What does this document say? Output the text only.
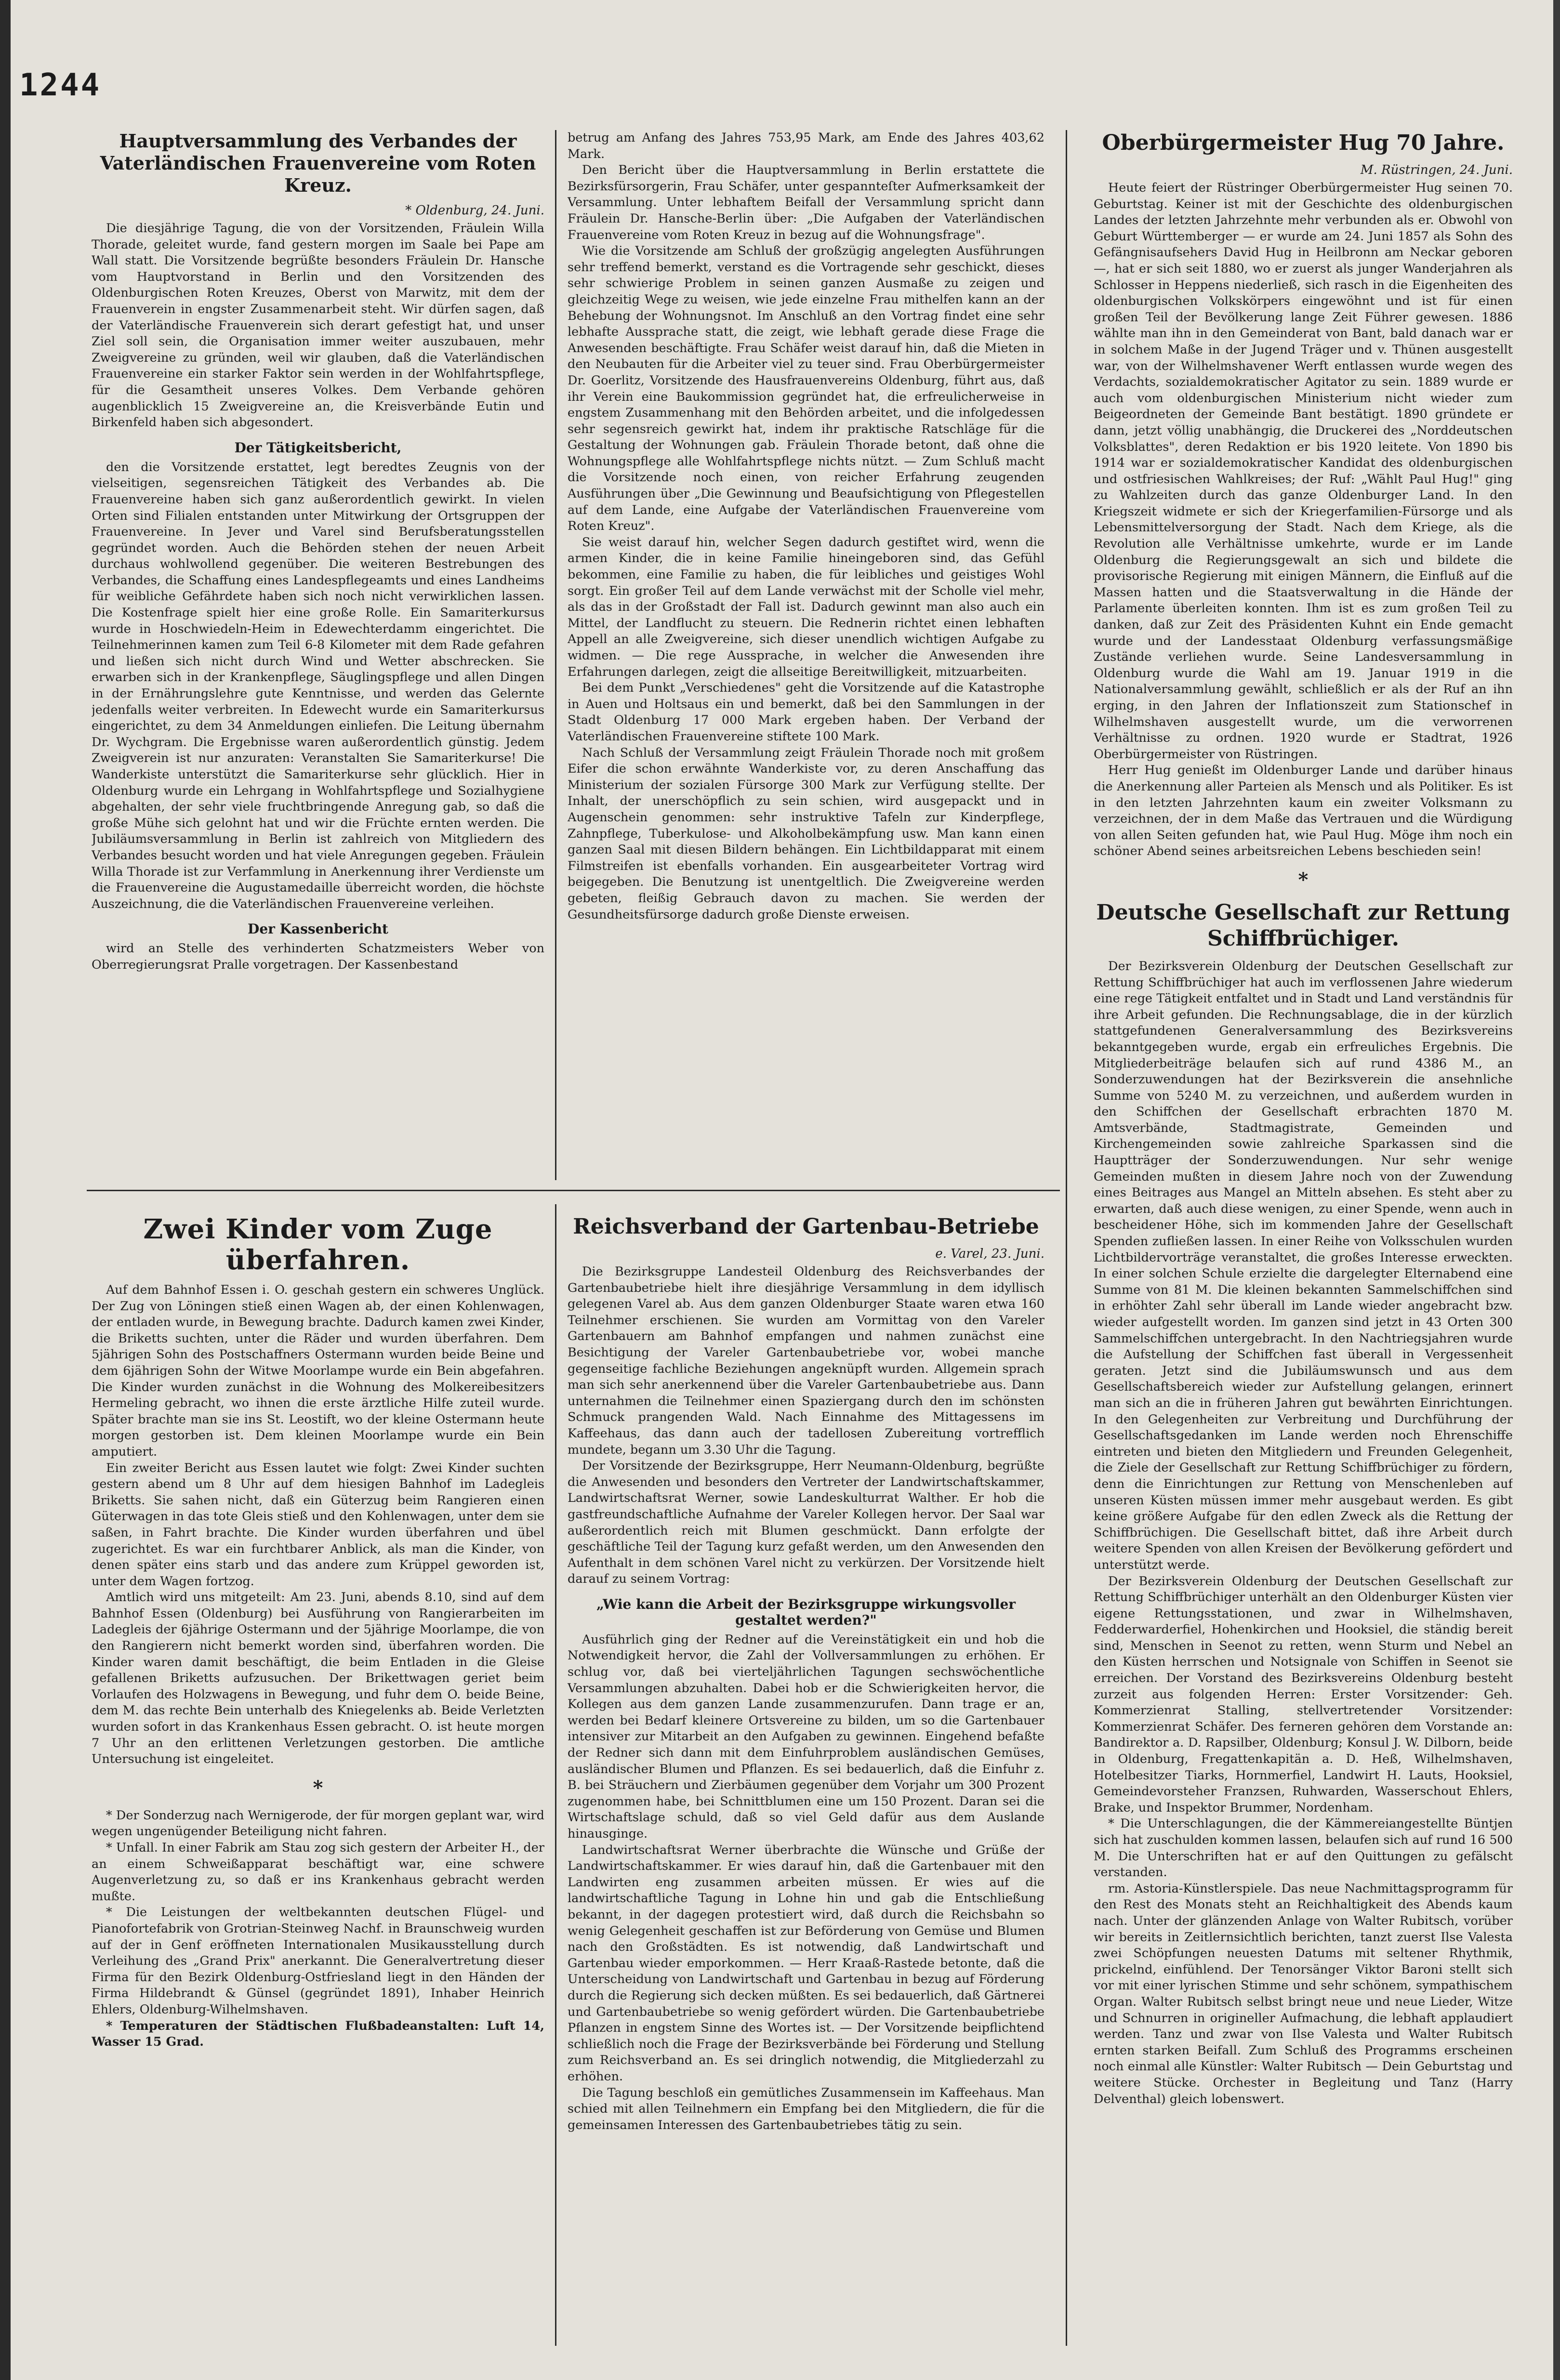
1244
Hauptversammlung des Verbandes der Vaterländischen Frauenvereine vom Roten Kreuz.

* Oldenburg, 24. Juni.

Die diesjährige Tagung, die von der Vorsitzenden, Fräulein Willa Thorade, geleitet wurde, fand gestern morgen im Saale bei Pape am Wall statt. Die Vorsitzende begrüßte besonders Fräulein Dr. Hansche vom Hauptvorstand in Berlin und den Vorsitzenden des Oldenburgischen Roten Kreuzes, Oberst von Marwitz, mit dem der Frauenverein in engster Zusammenarbeit steht. Wir dürfen sagen, daß der Vaterländische Frauenverein sich derart gefestigt hat, und unser Ziel soll sein, die Organisation immer weiter auszubauen, mehr Zweigvereine zu gründen, weil wir glauben, daß die Vaterländischen Frauenvereine ein starker Faktor sein werden in der Wohlfahrtspflege, für die Gesamtheit unseres Volkes. Dem Verbande gehören augenblicklich 15 Zweigvereine an, die Kreisverbände Eutin und Birkenfeld haben sich abgesondert.

Der Tätigkeitsbericht,

den die Vorsitzende erstattet, legt beredtes Zeugnis von der vielseitigen, segensreichen Tätigkeit des Verbandes ab. Die Frauenvereine haben sich ganz außerordentlich gewirkt. In vielen Orten sind Filialen entstanden unter Mitwirkung der Ortsgruppen der Frauenvereine. In Jever und Varel sind Berufsberatungsstellen gegründet worden. Auch die Behörden stehen der neuen Arbeit durchaus wohlwollend gegenüber. Die weiteren Bestrebungen des Verbandes, die Schaffung eines Landespflegeamts und eines Landheims für weibliche Gefährdete haben sich noch nicht verwirklichen lassen. Die Kostenfrage spielt hier eine große Rolle. Ein Samariterkursus wurde in Hoschwiedeln-Heim in Edewechterdamm eingerichtet. Die Teilnehmerinnen kamen zum Teil 6-8 Kilometer mit dem Rade gefahren und ließen sich nicht durch Wind und Wetter abschrecken. Sie erwarben sich in der Krankenpflege, Säuglingspflege und allen Dingen in der Ernährungslehre gute Kenntnisse, und werden das Gelernte jedenfalls weiter verbreiten. In Edewecht wurde ein Samariterkursus eingerichtet, zu dem 34 Anmeldungen einliefen. Die Leitung übernahm Dr. Wychgram. Die Ergebnisse waren außerordentlich günstig. Jedem Zweigverein ist nur anzuraten: Veranstalten Sie Samariterkurse! Die Wanderkiste unterstützt die Samariterkurse sehr glücklich. Hier in Oldenburg wurde ein Lehrgang in Wohlfahrtspflege und Sozialhygiene abgehalten, der sehr viele fruchtbringende Anregung gab, so daß die große Mühe sich gelohnt hat und wir die Früchte ernten werden. Die Jubiläumsversammlung in Berlin ist zahlreich von Mitgliedern des Verbandes besucht worden und hat viele Anregungen gegeben. Fräulein Willa Thorade ist zur Verfammlung in Anerkennung ihrer Verdienste um die Frauenvereine die Augustamedaille überreicht worden, die höchste Auszeichnung, die die Vaterländischen Frauenvereine verleihen.

Der Kassenbericht

wird an Stelle des verhinderten Schatzmeisters Weber von Oberregierungsrat Pralle vorgetragen. Der Kassenbestand

betrug am Anfang des Jahres 753,95 Mark, am Ende des Jahres 403,62 Mark.

Den Bericht über die Hauptversammlung in Berlin erstattete die Bezirksfürsorgerin, Frau Schäfer, unter gespannteſter Aufmerksamkeit der Versammlung. Unter lebhaftem Beifall der Versammlung spricht dann Fräulein Dr. Hansche-Berlin über: „Die Aufgaben der Vaterländischen Frauenvereine vom Roten Kreuz in bezug auf die Wohnungsfrage".

Wie die Vorsitzende am Schluß der großzügig angelegten Ausführungen sehr treffend bemerkt, verstand es die Vortragende sehr geschickt, dieses sehr schwierige Problem in seinen ganzen Ausmaße zu zeigen und gleichzeitig Wege zu weisen, wie jede einzelne Frau mithelfen kann an der Behebung der Wohnungsnot. Im Anschluß an den Vortrag findet eine sehr lebhafte Aussprache statt, die zeigt, wie lebhaft gerade diese Frage die Anwesenden beschäftigte. Frau Schäfer weist darauf hin, daß die Mieten in den Neubauten für die Arbeiter viel zu teuer sind. Frau Oberbürgermeister Dr. Goerlitz, Vorsitzende des Hausfrauenvereins Oldenburg, führt aus, daß ihr Verein eine Baukommission gegründet hat, die erfreulicherweise in engstem Zusammenhang mit den Behörden arbeitet, und die infolgedessen sehr segensreich gewirkt hat, indem ihr praktische Ratschläge für die Gestaltung der Wohnungen gab. Fräulein Thorade betont, daß ohne die Wohnungspflege alle Wohlfahrtspflege nichts nützt. — Zum Schluß macht die Vorsitzende noch einen, von reicher Erfahrung zeugenden Ausführungen über „Die Gewinnung und Beaufsichtigung von Pflegestellen auf dem Lande, eine Aufgabe der Vaterländischen Frauenvereine vom Roten Kreuz".

Sie weist darauf hin, welcher Segen dadurch gestiftet wird, wenn die armen Kinder, die in keine Familie hineingeboren sind, das Gefühl bekommen, eine Familie zu haben, die für leibliches und geistiges Wohl sorgt. Ein großer Teil auf dem Lande verwächst mit der Scholle viel mehr, als das in der Großstadt der Fall ist. Dadurch gewinnt man also auch ein Mittel, der Landflucht zu steuern. Die Rednerin richtet einen lebhaften Appell an alle Zweigvereine, sich dieser unendlich wichtigen Aufgabe zu widmen. — Die rege Aussprache, in welcher die Anwesenden ihre Erfahrungen darlegen, zeigt die allseitige Bereitwilligkeit, mitzuarbeiten.

Bei dem Punkt „Verschiedenes" geht die Vorsitzende auf die Katastrophe in Auen und Holtsaus ein und bemerkt, daß bei den Sammlungen in der Stadt Oldenburg 17 000 Mark ergeben haben. Der Verband der Vaterländischen Frauenvereine stiftete 100 Mark.

Nach Schluß der Versammlung zeigt Fräulein Thorade noch mit großem Eifer die schon erwähnte Wanderkiste vor, zu deren Anschaffung das Ministerium der sozialen Fürsorge 300 Mark zur Verfügung stellte. Der Inhalt, der unerschöpflich zu sein schien, wird ausgepackt und in Augenschein genommen: sehr instruktive Tafeln zur Kinderpflege, Zahnpflege, Tuberkulose- und Alkoholbekämpfung usw. Man kann einen ganzen Saal mit diesen Bildern behängen. Ein Lichtbildapparat mit einem Filmstreifen ist ebenfalls vorhanden. Ein ausgearbeiteter Vortrag wird beigegeben. Die Benutzung ist unentgeltlich. Die Zweigvereine werden gebeten, fleißig Gebrauch davon zu machen. Sie werden der Gesundheitsfürsorge dadurch große Dienste erweisen.

Zwei Kinder vom Zuge überfahren.

Auf dem Bahnhof Essen i. O. geschah gestern ein schweres Unglück. Der Zug von Löningen stieß einen Wagen ab, der einen Kohlenwagen, der entladen wurde, in Bewegung brachte. Dadurch kamen zwei Kinder, die Briketts suchten, unter die Räder und wurden überfahren. Dem 5jährigen Sohn des Postschaffners Ostermann wurden beide Beine und dem 6jährigen Sohn der Witwe Moorlampe wurde ein Bein abgefahren. Die Kinder wurden zunächst in die Wohnung des Molkereibesitzers Hermeling gebracht, wo ihnen die erste ärztliche Hilfe zuteil wurde. Später brachte man sie ins St. Leostift, wo der kleine Ostermann heute morgen gestorben ist. Dem kleinen Moorlampe wurde ein Bein amputiert.

Ein zweiter Bericht aus Essen lautet wie folgt: Zwei Kinder suchten gestern abend um 8 Uhr auf dem hiesigen Bahnhof im Ladegleis Briketts. Sie sahen nicht, daß ein Güterzug beim Rangieren einen Güterwagen in das tote Gleis stieß und den Kohlenwagen, unter dem sie saßen, in Fahrt brachte. Die Kinder wurden überfahren und übel zugerichtet. Es war ein furchtbarer Anblick, als man die Kinder, von denen später eins starb und das andere zum Krüppel geworden ist, unter dem Wagen fortzog.

Amtlich wird uns mitgeteilt: Am 23. Juni, abends 8.10, sind auf dem Bahnhof Essen (Oldenburg) bei Ausführung von Rangierarbeiten im Ladegleis der 6jährige Ostermann und der 5jährige Moorlampe, die von den Rangierern nicht bemerkt worden sind, überfahren worden. Die Kinder waren damit beschäftigt, die beim Entladen in die Gleise gefallenen Briketts aufzusuchen. Der Brikettwagen geriet beim Vorlaufen des Holzwagens in Bewegung, und fuhr dem O. beide Beine, dem M. das rechte Bein unterhalb des Kniegelenks ab. Beide Verletzten wurden sofort in das Krankenhaus Essen gebracht. O. ist heute morgen 7 Uhr an den erlittenen Verletzungen gestorben. Die amtliche Untersuchung ist eingeleitet.

*

* Der Sonderzug nach Wernigerode, der für morgen geplant war, wird wegen ungenügender Beteiligung nicht fahren.

* Unfall. In einer Fabrik am Stau zog sich gestern der Arbeiter H., der an einem Schweißapparat beschäftigt war, eine schwere Augenverletzung zu, so daß er ins Krankenhaus gebracht werden mußte.

* Die Leistungen der weltbekannten deutschen Flügel- und Pianofortefabrik von Grotrian-Steinweg Nachf. in Braunschweig wurden auf der in Genf eröffneten Internationalen Musikausstellung durch Verleihung des „Grand Prix" anerkannt. Die Generalvertretung dieser Firma für den Bezirk Oldenburg-Ostfriesland liegt in den Händen der Firma Hildebrandt & Günsel (gegründet 1891), Inhaber Heinrich Ehlers, Oldenburg-Wilhelmshaven.

* Temperaturen der Städtischen Flußbadeanstalten: Luft 14, Wasser 15 Grad.

Reichsverband der Gartenbau-Betriebe

e. Varel, 23. Juni.

Die Bezirksgruppe Landesteil Oldenburg des Reichsverbandes der Gartenbaubetriebe hielt ihre diesjährige Versammlung in dem idyllisch gelegenen Varel ab. Aus dem ganzen Oldenburger Staate waren etwa 160 Teilnehmer erschienen. Sie wurden am Vormittag von den Vareler Gartenbauern am Bahnhof empfangen und nahmen zunächst eine Besichtigung der Vareler Gartenbaubetriebe vor, wobei manche gegenseitige fachliche Beziehungen angeknüpft wurden. Allgemein sprach man sich sehr anerkennend über die Vareler Gartenbaubetriebe aus. Dann unternahmen die Teilnehmer einen Spaziergang durch den im schönsten Schmuck prangenden Wald. Nach Einnahme des Mittagessens im Kaffeehaus, das dann auch der tadellosen Zubereitung vortrefflich mundete, begann um 3.30 Uhr die Tagung.

Der Vorsitzende der Bezirksgruppe, Herr Neumann-Oldenburg, begrüßte die Anwesenden und besonders den Vertreter der Landwirtschaftskammer, Landwirtschaftsrat Werner, sowie Landeskulturrat Walther. Er hob die gastfreundschaftliche Aufnahme der Vareler Kollegen hervor. Der Saal war außerordentlich reich mit Blumen geschmückt. Dann erfolgte der geschäftliche Teil der Tagung kurz gefaßt werden, um den Anwesenden den Aufenthalt in dem schönen Varel nicht zu verkürzen. Der Vorsitzende hielt darauf zu seinem Vortrag:

„Wie kann die Arbeit der Bezirksgruppe wirkungsvoller gestaltet werden?"

Ausführlich ging der Redner auf die Vereinstätigkeit ein und hob die Notwendigkeit hervor, die Zahl der Vollversammlungen zu erhöhen. Er schlug vor, daß bei vierteljährlichen Tagungen sechswöchentliche Versammlungen abzuhalten. Dabei hob er die Schwierigkeiten hervor, die Kollegen aus dem ganzen Lande zusammenzurufen. Dann trage er an, werden bei Bedarf kleinere Ortsvereine zu bilden, um so die Gartenbauer intensiver zur Mitarbeit an den Aufgaben zu gewinnen. Eingehend befaßte der Redner sich dann mit dem Einfuhrproblem ausländischen Gemüses, ausländischer Blumen und Pflanzen. Es sei bedauerlich, daß die Einfuhr z. B. bei Sträuchern und Zierbäumen gegenüber dem Vorjahr um 300 Prozent zugenommen habe, bei Schnittblumen eine um 150 Prozent. Daran sei die Wirtschaftslage schuld, daß so viel Geld dafür aus dem Auslande hinausginge.

Landwirtschaftsrat Werner überbrachte die Wünsche und Grüße der Landwirtschaftskammer. Er wies darauf hin, daß die Gartenbauer mit den Landwirten eng zusammen arbeiten müssen. Er wies auf die landwirtschaftliche Tagung in Lohne hin und gab die Entschließung bekannt, in der dagegen protestiert wird, daß durch die Reichsbahn so wenig Gelegenheit geschaffen ist zur Beförderung von Gemüse und Blumen nach den Großstädten. Es ist notwendig, daß Landwirtschaft und Gartenbau wieder emporkommen. — Herr Kraaß-Rastede betonte, daß die Unterscheidung von Landwirtschaft und Gartenbau in bezug auf Förderung durch die Regierung sich decken müßten. Es sei bedauerlich, daß Gärtnerei und Gartenbaubetriebe so wenig gefördert würden. Die Gartenbaubetriebe Pflanzen in engstem Sinne des Wortes ist. — Der Vorsitzende beipflichtend schließlich noch die Frage der Bezirksverbände bei Förderung und Stellung zum Reichsverband an. Es sei dringlich notwendig, die Mitgliederzahl zu erhöhen.

Die Tagung beschloß ein gemütliches Zusammensein im Kaffeehaus. Man schied mit allen Teilnehmern ein Empfang bei den Mitgliedern, die für die gemeinsamen Interessen des Gartenbaubetriebes tätig zu sein.

Oberbürgermeister Hug 70 Jahre.

M. Rüstringen, 24. Juni.

Heute feiert der Rüstringer Oberbürgermeister Hug seinen 70. Geburtstag. Keiner ist mit der Geschichte des oldenburgischen Landes der letzten Jahrzehnte mehr verbunden als er. Obwohl von Geburt Württemberger — er wurde am 24. Juni 1857 als Sohn des Gefängnisaufsehers David Hug in Heilbronn am Neckar geboren —, hat er sich seit 1880, wo er zuerst als junger Wanderjahren als Schlosser in Heppens niederließ, sich rasch in die Eigenheiten des oldenburgischen Volkskörpers eingewöhnt und ist für einen großen Teil der Bevölkerung lange Zeit Führer gewesen. 1886 wählte man ihn in den Gemeinderat von Bant, bald danach war er in solchem Maße in der Jugend Träger und v. Thünen ausgestellt war, von der Wilhelmshavener Werft entlassen wurde wegen des Verdachts, sozialdemokratischer Agitator zu sein. 1889 wurde er auch vom oldenburgischen Ministerium nicht wieder zum Beigeordneten der Gemeinde Bant bestätigt. 1890 gründete er dann, jetzt völlig unabhängig, die Druckerei des „Norddeutschen Volksblattes", deren Redaktion er bis 1920 leitete. Von 1890 bis 1914 war er sozialdemokratischer Kandidat des oldenburgischen und ostfriesischen Wahlkreises; der Ruf: „Wählt Paul Hug!" ging zu Wahlzeiten durch das ganze Oldenburger Land. In den Kriegszeit widmete er sich der Kriegerfamilien-Fürsorge und als Lebensmittelversorgung der Stadt. Nach dem Kriege, als die Revolution alle Verhältnisse umkehrte, wurde er im Lande Oldenburg die Regierungsgewalt an sich und bildete die provisorische Regierung mit einigen Männern, die Einfluß auf die Massen hatten und die Staatsverwaltung in die Hände der Parlamente überleiten konnten. Ihm ist es zum großen Teil zu danken, daß zur Zeit des Präsidenten Kuhnt ein Ende gemacht wurde und der Landesstaat Oldenburg verfassungsmäßige Zustände verliehen wurde. Seine Landesversammlung in Oldenburg wurde die Wahl am 19. Januar 1919 in die Nationalversammlung gewählt, schließlich er als der Ruf an ihn erging, in den Jahren der Inflationszeit zum Stationschef in Wilhelmshaven ausgestellt wurde, um die verworrenen Verhältnisse zu ordnen. 1920 wurde er Stadtrat, 1926 Oberbürgermeister von Rüstringen.

Herr Hug genießt im Oldenburger Lande und darüber hinaus die Anerkennung aller Parteien als Mensch und als Politiker. Es ist in den letzten Jahrzehnten kaum ein zweiter Volksmann zu verzeichnen, der in dem Maße das Vertrauen und die Würdigung von allen Seiten gefunden hat, wie Paul Hug. Möge ihm noch ein schöner Abend seines arbeitsreichen Lebens beschieden sein!

*

Deutsche Gesellschaft zur Rettung Schiffbrüchiger.

Der Bezirksverein Oldenburg der Deutschen Gesellschaft zur Rettung Schiffbrüchiger hat auch im verflossenen Jahre wiederum eine rege Tätigkeit entfaltet und in Stadt und Land verständnis für ihre Arbeit gefunden. Die Rechnungsablage, die in der kürzlich stattgefundenen Generalversammlung des Bezirksvereins bekanntgegeben wurde, ergab ein erfreuliches Ergebnis. Die Mitgliederbeiträge belaufen sich auf rund 4386 M., an Sonderzuwendungen hat der Bezirksverein die ansehnliche Summe von 5240 M. zu verzeichnen, und außerdem wurden in den Schiffchen der Gesellschaft erbrachten 1870 M. Amtsverbände, Stadtmagistrate, Gemeinden und Kirchengemeinden sowie zahlreiche Sparkassen sind die Hauptträger der Sonderzuwendungen. Nur sehr wenige Gemeinden mußten in diesem Jahre noch von der Zuwendung eines Beitrages aus Mangel an Mitteln absehen. Es steht aber zu erwarten, daß auch diese wenigen, zu einer Spende, wenn auch in bescheidener Höhe, sich im kommenden Jahre der Gesellschaft Spenden zufließen lassen. In einer Reihe von Volksschulen wurden Lichtbildervorträge veranstaltet, die großes Interesse erweckten. In einer solchen Schule erzielte die dargelegter Elternabend eine Summe von 81 M. Die kleinen bekannten Sammelschiffchen sind in erhöhter Zahl sehr überall im Lande wieder angebracht bzw. wieder aufgestellt worden. Im ganzen sind jetzt in 43 Orten 300 Sammelschiffchen untergebracht. In den Nachtriegsjahren wurde die Aufstellung der Schiffchen fast überall in Vergessenheit geraten. Jetzt sind die Jubiläumswunsch und aus dem Gesellschaftsbereich wieder zur Aufstellung gelangen, erinnert man sich an die in früheren Jahren gut bewährten Einrichtungen. In den Gelegenheiten zur Verbreitung und Durchführung der Gesellschaftsgedanken im Lande werden noch Ehrenschiffe eintreten und bieten den Mitgliedern und Freunden Gelegenheit, die Ziele der Gesellschaft zur Rettung Schiffbrüchiger zu fördern, denn die Einrichtungen zur Rettung von Menschenleben auf unseren Küsten müssen immer mehr ausgebaut werden. Es gibt keine größere Aufgabe für den edlen Zweck als die Rettung der Schiffbrüchigen. Die Gesellschaft bittet, daß ihre Arbeit durch weitere Spenden von allen Kreisen der Bevölkerung gefördert und unterstützt werde.

Der Bezirksverein Oldenburg der Deutschen Gesellschaft zur Rettung Schiffbrüchiger unterhält an den Oldenburger Küsten vier eigene Rettungsstationen, und zwar in Wilhelmshaven, Fedderwarderfiel, Hohenkirchen und Hooksiel, die ständig bereit sind, Menschen in Seenot zu retten, wenn Sturm und Nebel an den Küsten herrschen und Notsignale von Schiffen in Seenot sie erreichen. Der Vorstand des Bezirksvereins Oldenburg besteht zurzeit aus folgenden Herren: Erster Vorsitzender: Geh. Kommerzienrat Stalling, stellvertretender Vorsitzender: Kommerzienrat Schäfer. Des ferneren gehören dem Vorstande an: Bandirektor a. D. Rapsilber, Oldenburg; Konsul J. W. Dilborn, beide in Oldenburg, Fregattenkapitän a. D. Heß, Wilhelmshaven, Hotelbesitzer Tiarks, Hornmerfiel, Landwirt H. Lauts, Hooksiel, Gemeindevorsteher Franzsen, Ruhwarden, Wasserschout Ehlers, Brake, und Inspektor Brummer, Nordenham.

* Die Unterschlagungen, die der Kämmereiangestellte Büntjen sich hat zuschulden kommen lassen, belaufen sich auf rund 16 500 M. Die Unterschriften hat er auf den Quittungen zu gefälscht verstanden.

rm. Astoria-Künstlerspiele. Das neue Nachmittagsprogramm für den Rest des Monats steht an Reichhaltigkeit des Abends kaum nach. Unter der glänzenden Anlage von Walter Rubitsch, vorüber wir bereits in Zeitlernsichtlich berichten, tanzt zuerst Ilse Valesta zwei Schöpfungen neuesten Datums mit seltener Rhythmik, prickelnd, einfühlend. Der Tenorsänger Viktor Baroni stellt sich vor mit einer lyrischen Stimme und sehr schönem, sympathischem Organ. Walter Rubitsch selbst bringt neue und neue Lieder, Witze und Schnurren in origineller Aufmachung, die lebhaft applaudiert werden. Tanz und zwar von Ilse Valesta und Walter Rubitsch ernten starken Beifall. Zum Schluß des Programms erscheinen noch einmal alle Künstler: Walter Rubitsch — Dein Geburtstag und weitere Stücke. Orchester in Begleitung und Tanz (Harry Delventhal) gleich lobenswert.
